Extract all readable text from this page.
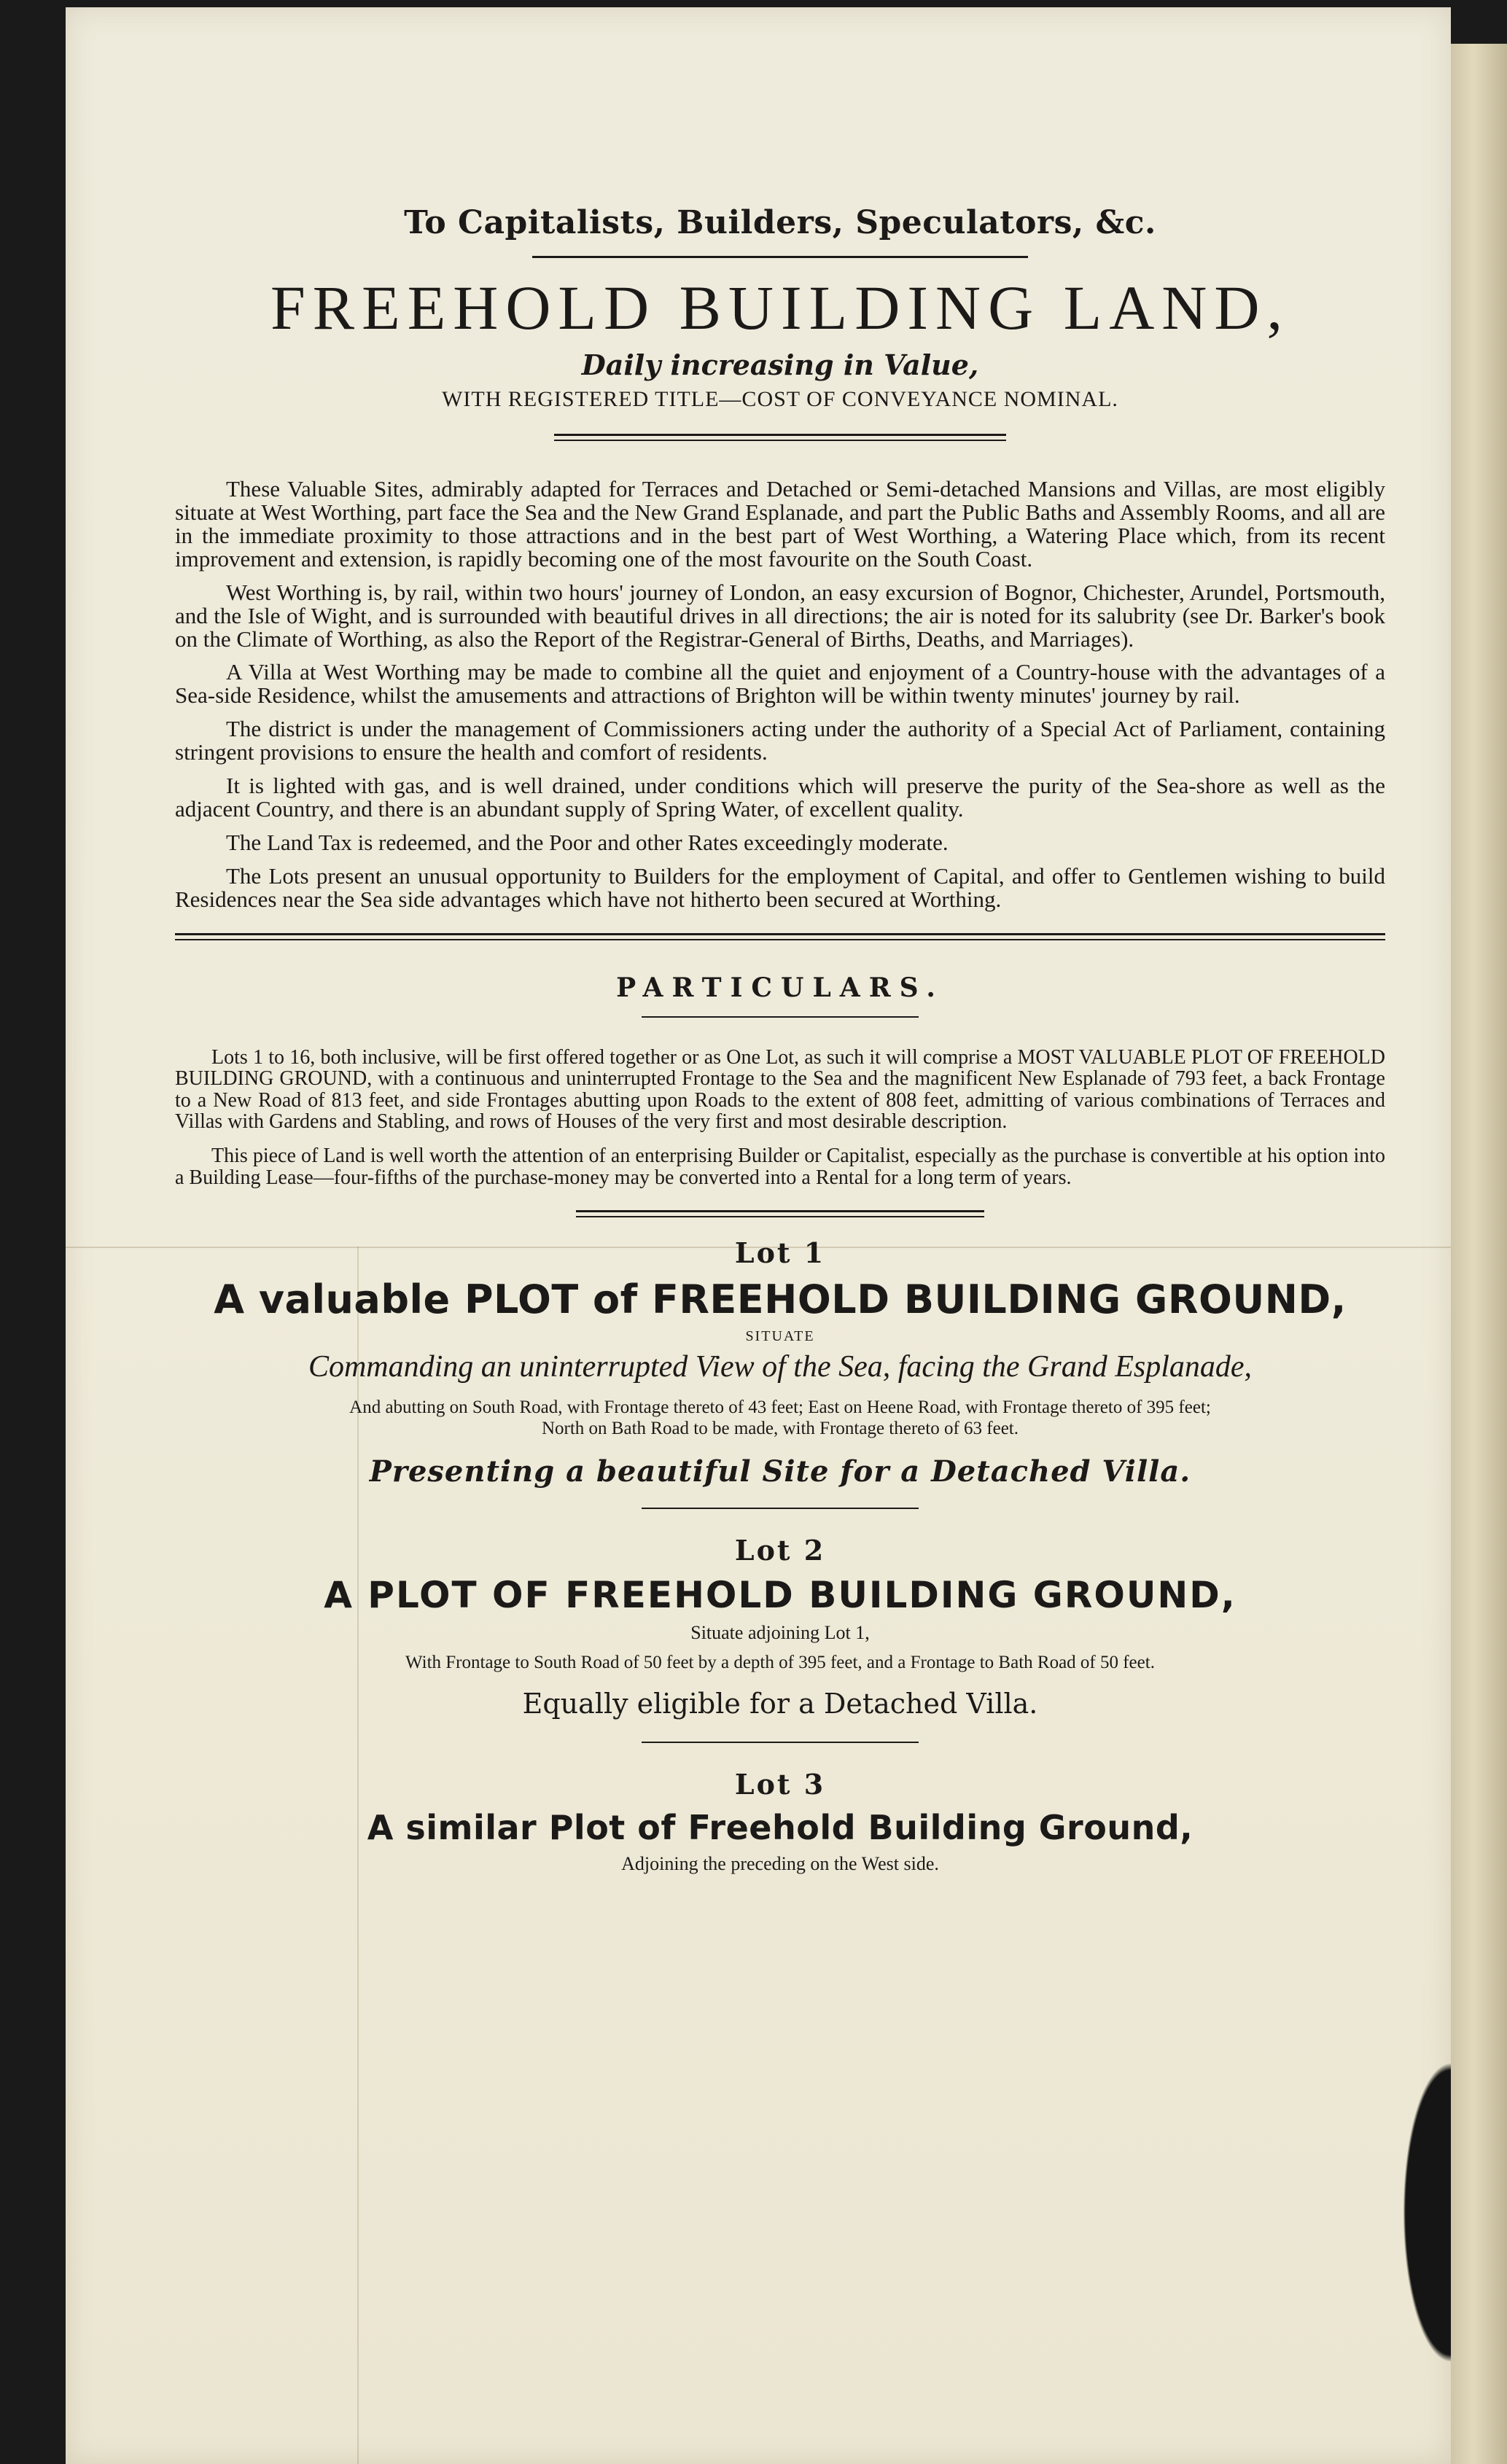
To Capitalists, Builders, Speculators, &c.
FREEHOLD BUILDING LAND,
Daily increasing in Value,
WITH REGISTERED TITLE—COST OF CONVEYANCE NOMINAL.

These Valuable Sites, admirably adapted for Terraces and Detached or Semi-detached Mansions and Villas, are most eligibly situate at West Worthing, part face the Sea and the New Grand Esplanade, and part the Public Baths and Assembly Rooms, and all are in the immediate proximity to those attractions and in the best part of West Worthing, a Watering Place which, from its recent improvement and extension, is rapidly becoming one of the most favourite on the South Coast.

West Worthing is, by rail, within two hours' journey of London, an easy excursion of Bognor, Chichester, Arundel, Portsmouth, and the Isle of Wight, and is surrounded with beautiful drives in all directions; the air is noted for its salubrity (see Dr. Barker's book on the Climate of Worthing, as also the Report of the Registrar-General of Births, Deaths, and Marriages).

A Villa at West Worthing may be made to combine all the quiet and enjoyment of a Country-house with the advantages of a Sea-side Residence, whilst the amusements and attractions of Brighton will be within twenty minutes' journey by rail.

The district is under the management of Commissioners acting under the authority of a Special Act of Parliament, containing stringent provisions to ensure the health and comfort of residents.

It is lighted with gas, and is well drained, under conditions which will preserve the purity of the Sea-shore as well as the adjacent Country, and there is an abundant supply of Spring Water, of excellent quality.

The Land Tax is redeemed, and the Poor and other Rates exceedingly moderate.

The Lots present an unusual opportunity to Builders for the employment of Capital, and offer to Gentlemen wishing to build Residences near the Sea side advantages which have not hitherto been secured at Worthing.

PARTICULARS.

Lots 1 to 16, both inclusive, will be first offered together or as One Lot, as such it will comprise a MOST VALUABLE PLOT OF FREEHOLD BUILDING GROUND, with a continuous and uninterrupted Frontage to the Sea and the magnificent New Esplanade of 793 feet, a back Frontage to a New Road of 813 feet, and side Frontages abutting upon Roads to the extent of 808 feet, admitting of various combinations of Terraces and Villas with Gardens and Stabling, and rows of Houses of the very first and most desirable description.

This piece of Land is well worth the attention of an enterprising Builder or Capitalist, especially as the purchase is convertible at his option into a Building Lease—four-fifths of the purchase-money may be converted into a Rental for a long term of years.

Lot 1
A valuable PLOT of FREEHOLD BUILDING GROUND,
SITUATE
Commanding an uninterrupted View of the Sea, facing the Grand Esplanade,
And abutting on South Road, with Frontage thereto of 43 feet; East on Heene Road, with Frontage thereto of 395 feet;
North on Bath Road to be made, with Frontage thereto of 63 feet.
Presenting a beautiful Site for a Detached Villa.
Lot 2
A PLOT OF FREEHOLD BUILDING GROUND,
Situate adjoining Lot 1,
With Frontage to South Road of 50 feet by a depth of 395 feet, and a Frontage to Bath Road of 50 feet.
Equally eligible for a Detached Villa.
Lot 3
A similar Plot of Freehold Building Ground,
Adjoining the preceding on the West side.
